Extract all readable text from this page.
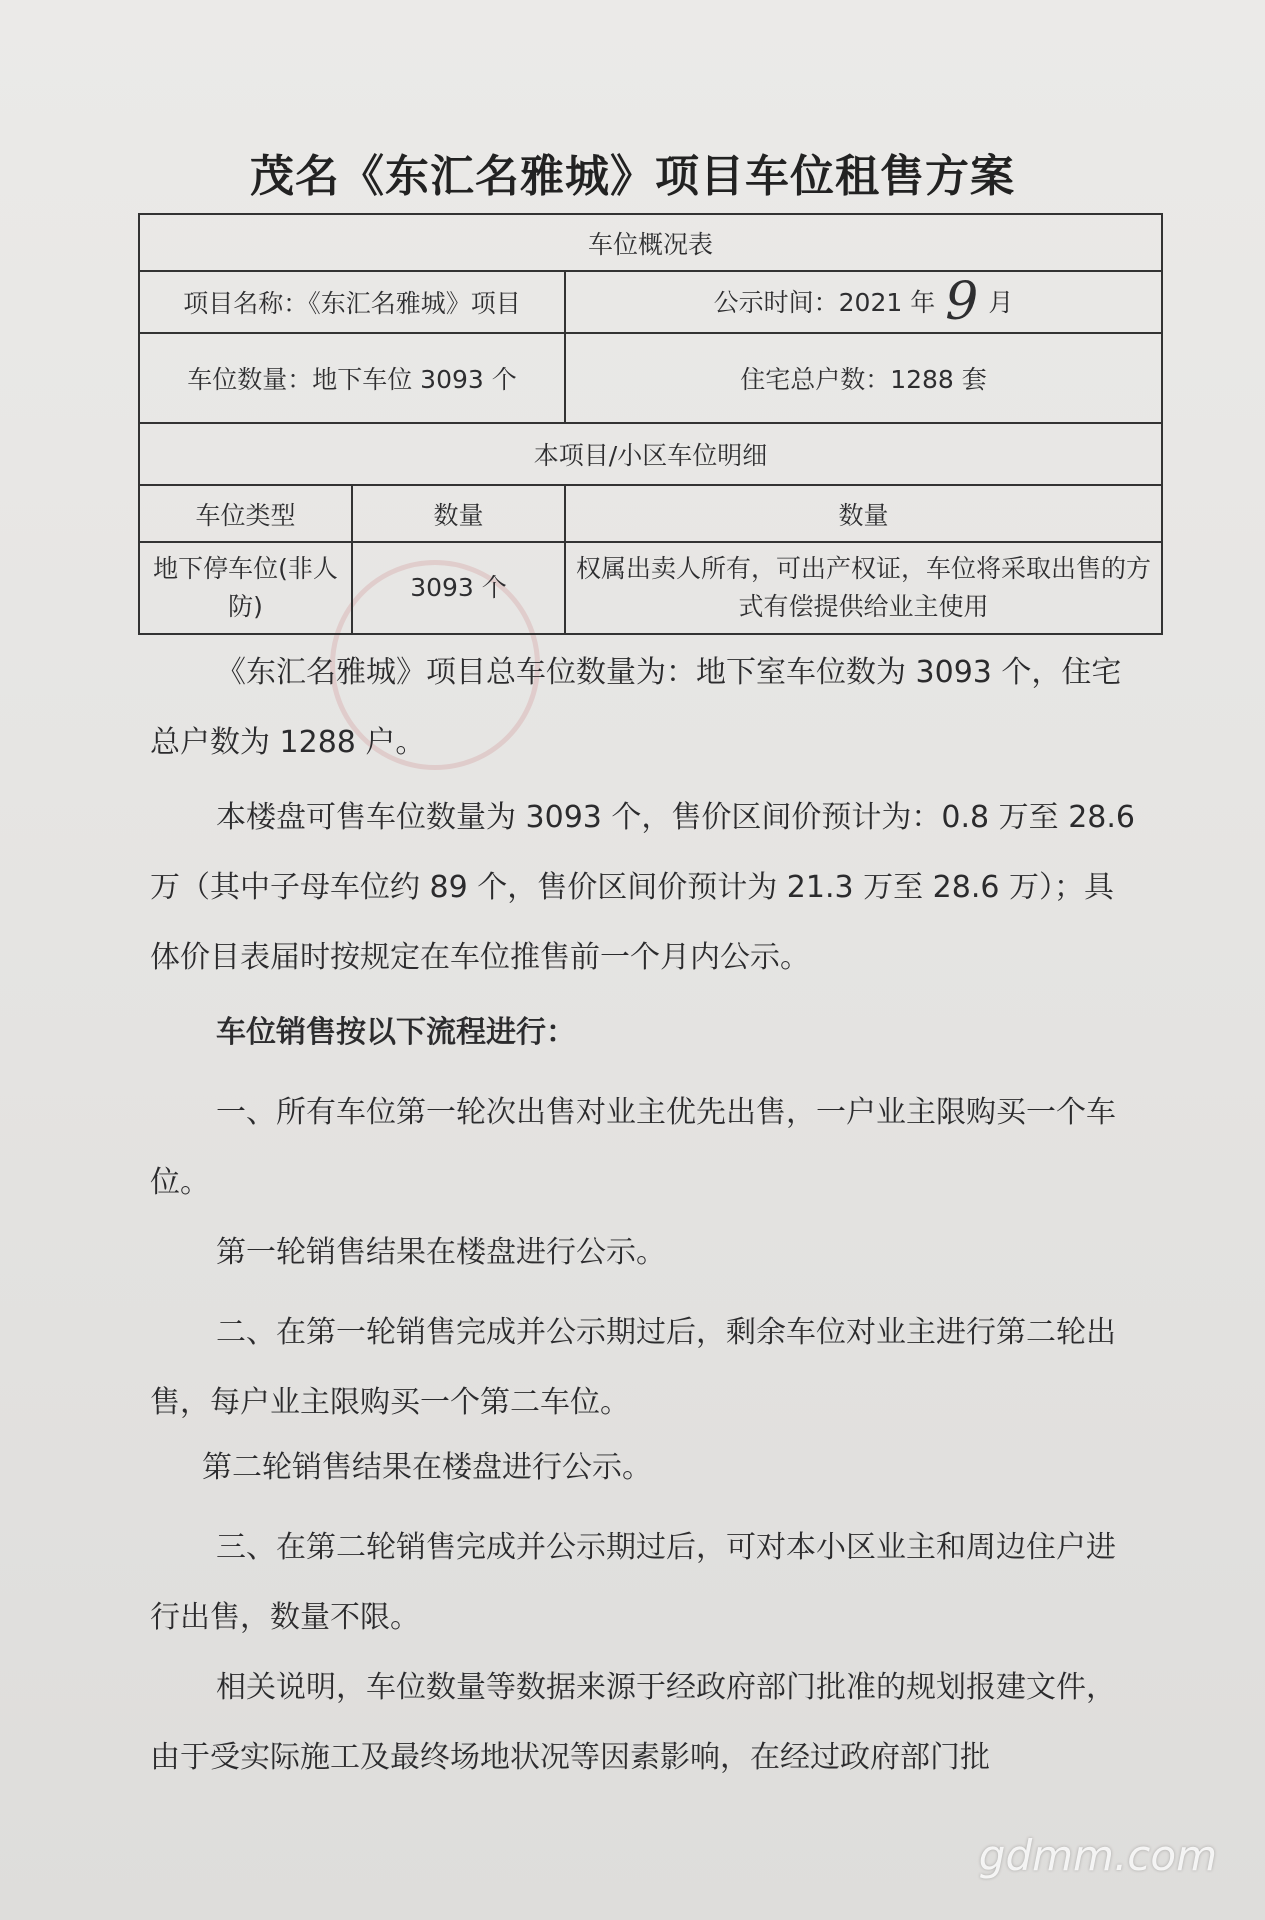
茂名《东汇名雅城》项目车位租售方案
车位概况表		
项目名称：《东汇名雅城》项目		公示时间：2021 年 9 月
车位数量：地下车位 3093 个		住宅总户数：1288 套
本项目/小区车位明细		
车位类型	数量	数量
地下停车位(非人防)	3093 个	权属出卖人所有，可出产权证，车位将采取出售的方式有偿提供给业主使用

《东汇名雅城》项目总车位数量为：地下室车位数为 3093 个，住宅总户数为 1288 户。

本楼盘可售车位数量为 3093 个，售价区间价预计为：0.8 万至 28.6 万（其中子母车位约 89 个，售价区间价预计为 21.3 万至 28.6 万）；具体价目表届时按规定在车位推售前一个月内公示。

车位销售按以下流程进行：

一、所有车位第一轮次出售对业主优先出售，一户业主限购买一个车位。

第一轮销售结果在楼盘进行公示。

二、在第一轮销售完成并公示期过后，剩余车位对业主进行第二轮出售，每户业主限购买一个第二车位。

第二轮销售结果在楼盘进行公示。

三、在第二轮销售完成并公示期过后，可对本小区业主和周边住户进行出售，数量不限。

相关说明，车位数量等数据来源于经政府部门批准的规划报建文件，由于受实际施工及最终场地状况等因素影响，在经过政府部门批

gdmm.com
